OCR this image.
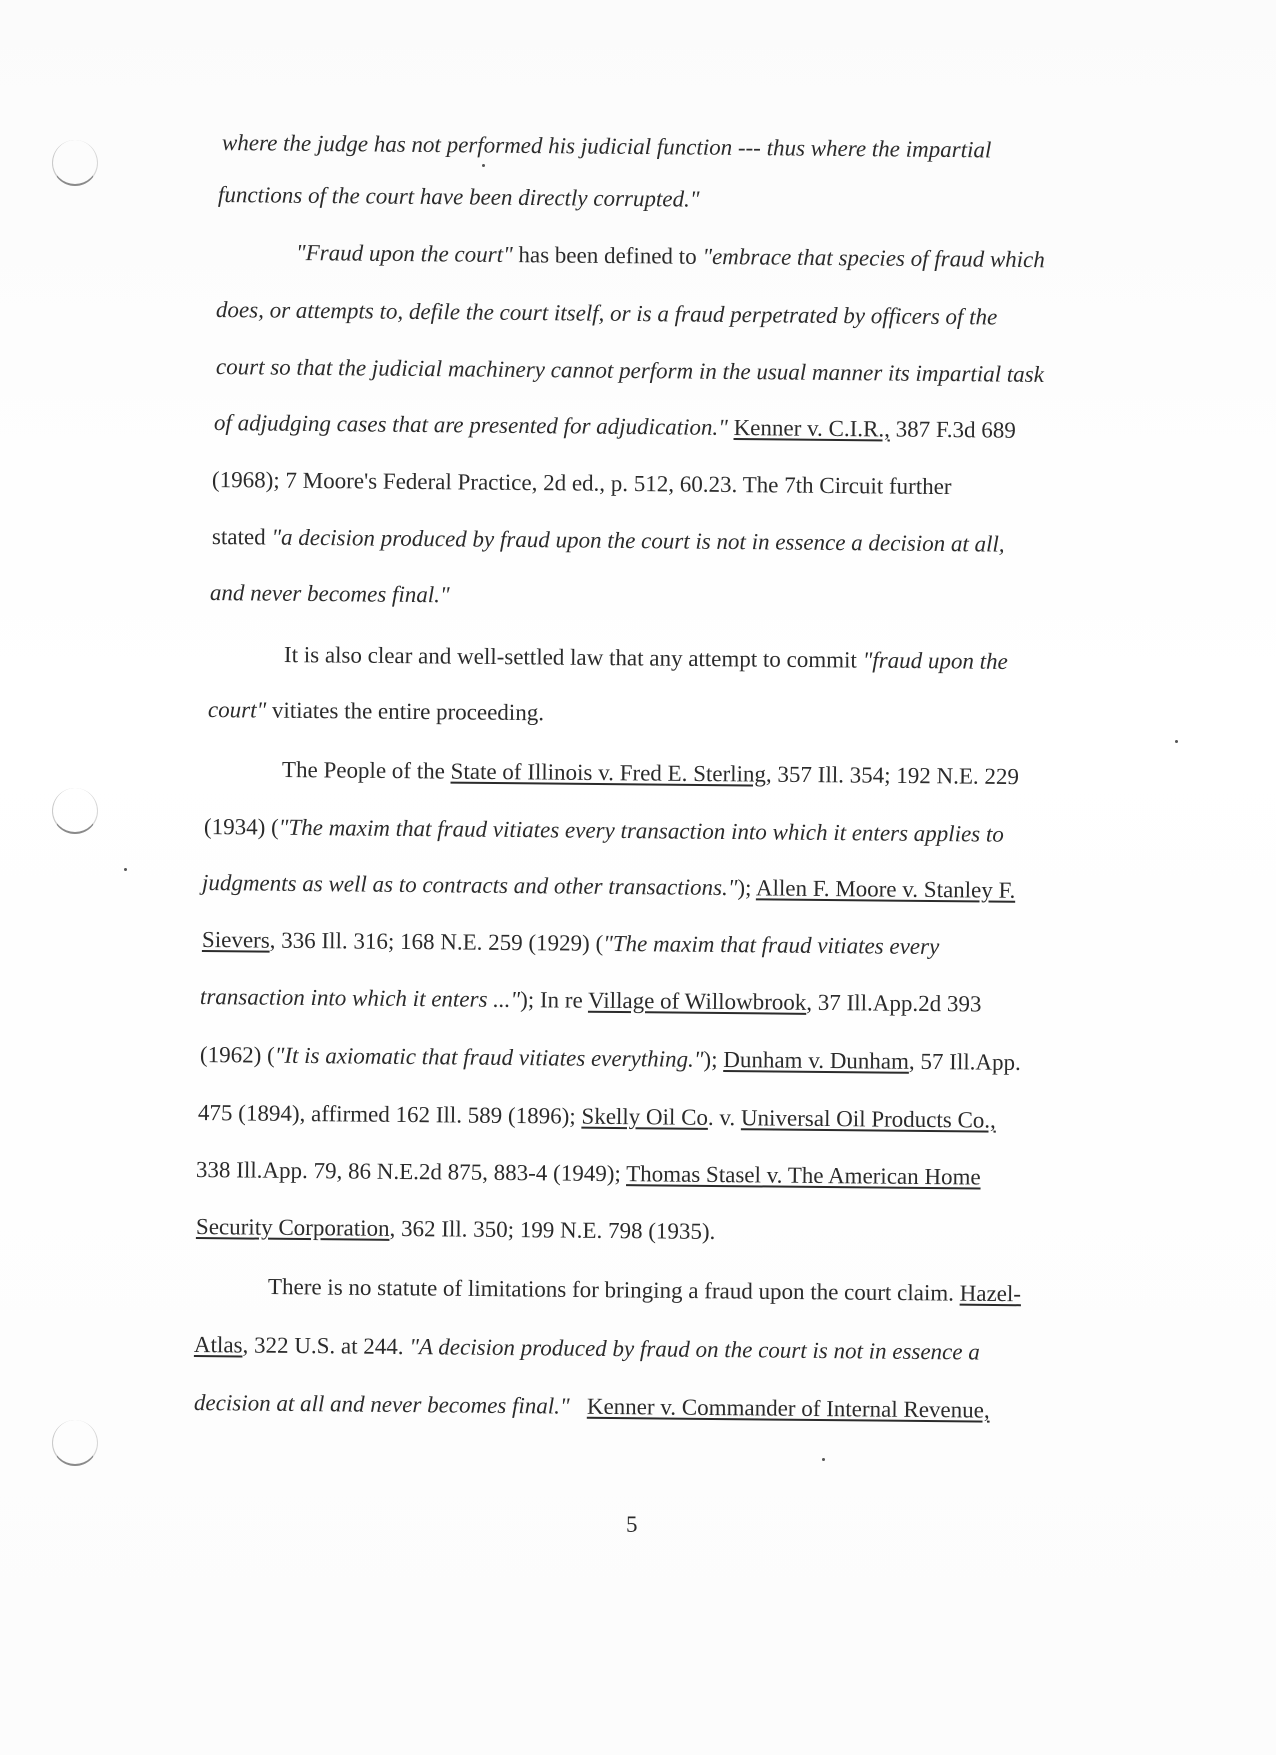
where the judge has not performed his judicial function --- thus where the impartial
functions of the court have been directly corrupted."
"Fraud upon the court" has been defined to "embrace that species of fraud which
does, or attempts to, defile the court itself, or is a fraud perpetrated by officers of the
court so that the judicial machinery cannot perform in the usual manner its impartial task
of adjudging cases that are presented for adjudication." Kenner v. C.I.R., 387 F.3d 689
(1968); 7 Moore's Federal Practice, 2d ed., p. 512, 60.23. The 7th Circuit further
stated "a decision produced by fraud upon the court is not in essence a decision at all,
and never becomes final."
It is also clear and well-settled law that any attempt to commit "fraud upon the
court" vitiates the entire proceeding.
The People of the State of Illinois v. Fred E. Sterling, 357 Ill. 354; 192 N.E. 229
(1934) ("The maxim that fraud vitiates every transaction into which it enters applies to
judgments as well as to contracts and other transactions."); Allen F. Moore v. Stanley F.
Sievers, 336 Ill. 316; 168 N.E. 259 (1929) ("The maxim that fraud vitiates every
transaction into which it enters ..."); In re Village of Willowbrook, 37 Ill.App.2d 393
(1962) ("It is axiomatic that fraud vitiates everything."); Dunham v. Dunham, 57 Ill.App.
475 (1894), affirmed 162 Ill. 589 (1896); Skelly Oil Co. v. Universal Oil Products Co.,
338 Ill.App. 79, 86 N.E.2d 875, 883-4 (1949); Thomas Stasel v. The American Home
Security Corporation, 362 Ill. 350; 199 N.E. 798 (1935).
There is no statute of limitations for bringing a fraud upon the court claim. Hazel-
Atlas, 322 U.S. at 244. "A decision produced by fraud on the court is not in essence a
decision at all and never becomes final." Kenner v. Commander of Internal Revenue,
5
